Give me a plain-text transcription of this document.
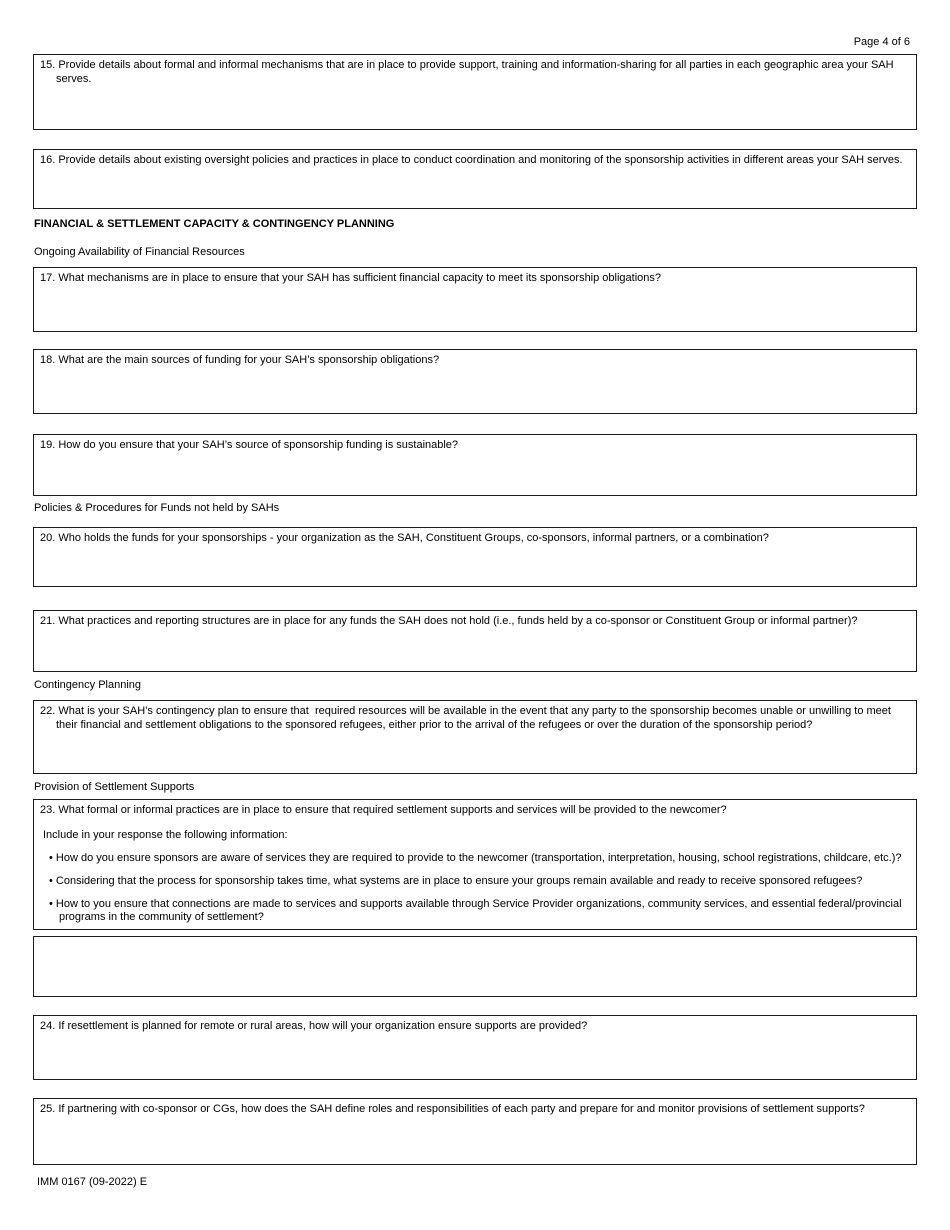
Page 4 of 6

15. Provide details about formal and informal mechanisms that are in place to provide support, training and information-sharing for all parties in each geographic area your SAH serves.

16. Provide details about existing oversight policies and practices in place to conduct coordination and monitoring of the sponsorship activities in different areas your SAH serves.

FINANCIAL & SETTLEMENT CAPACITY & CONTINGENCY PLANNING
Ongoing Availability of Financial Resources

17. What mechanisms are in place to ensure that your SAH has sufficient financial capacity to meet its sponsorship obligations?

18. What are the main sources of funding for your SAH’s sponsorship obligations?

19. How do you ensure that your SAH’s source of sponsorship funding is sustainable?

Policies & Procedures for Funds not held by SAHs

20. Who holds the funds for your sponsorships - your organization as the SAH, Constituent Groups, co-sponsors, informal partners, or a combination?

21. What practices and reporting structures are in place for any funds the SAH does not hold (i.e., funds held by a co-sponsor or Constituent Group or informal partner)?

Contingency Planning

22. What is your SAH’s contingency plan to ensure that  required resources will be available in the event that any party to the sponsorship becomes unable or unwilling to meet their financial and settlement obligations to the sponsored refugees, either prior to the arrival of the refugees or over the duration of the sponsorship period?

Provision of Settlement Supports

23. What formal or informal practices are in place to ensure that required settlement supports and services will be provided to the newcomer?

Include in your response the following information:

• How do you ensure sponsors are aware of services they are required to provide to the newcomer (transportation, interpretation, housing, school registrations, childcare, etc.)?

• Considering that the process for sponsorship takes time, what systems are in place to ensure your groups remain available and ready to receive sponsored refugees?

• How to you ensure that connections are made to services and supports available through Service Provider organizations, community services, and essential federal/provincial programs in the community of settlement?

24. If resettlement is planned for remote or rural areas, how will your organization ensure supports are provided?

25. If partnering with co-sponsor or CGs, how does the SAH define roles and responsibilities of each party and prepare for and monitor provisions of settlement supports?

IMM 0167 (09-2022) E
